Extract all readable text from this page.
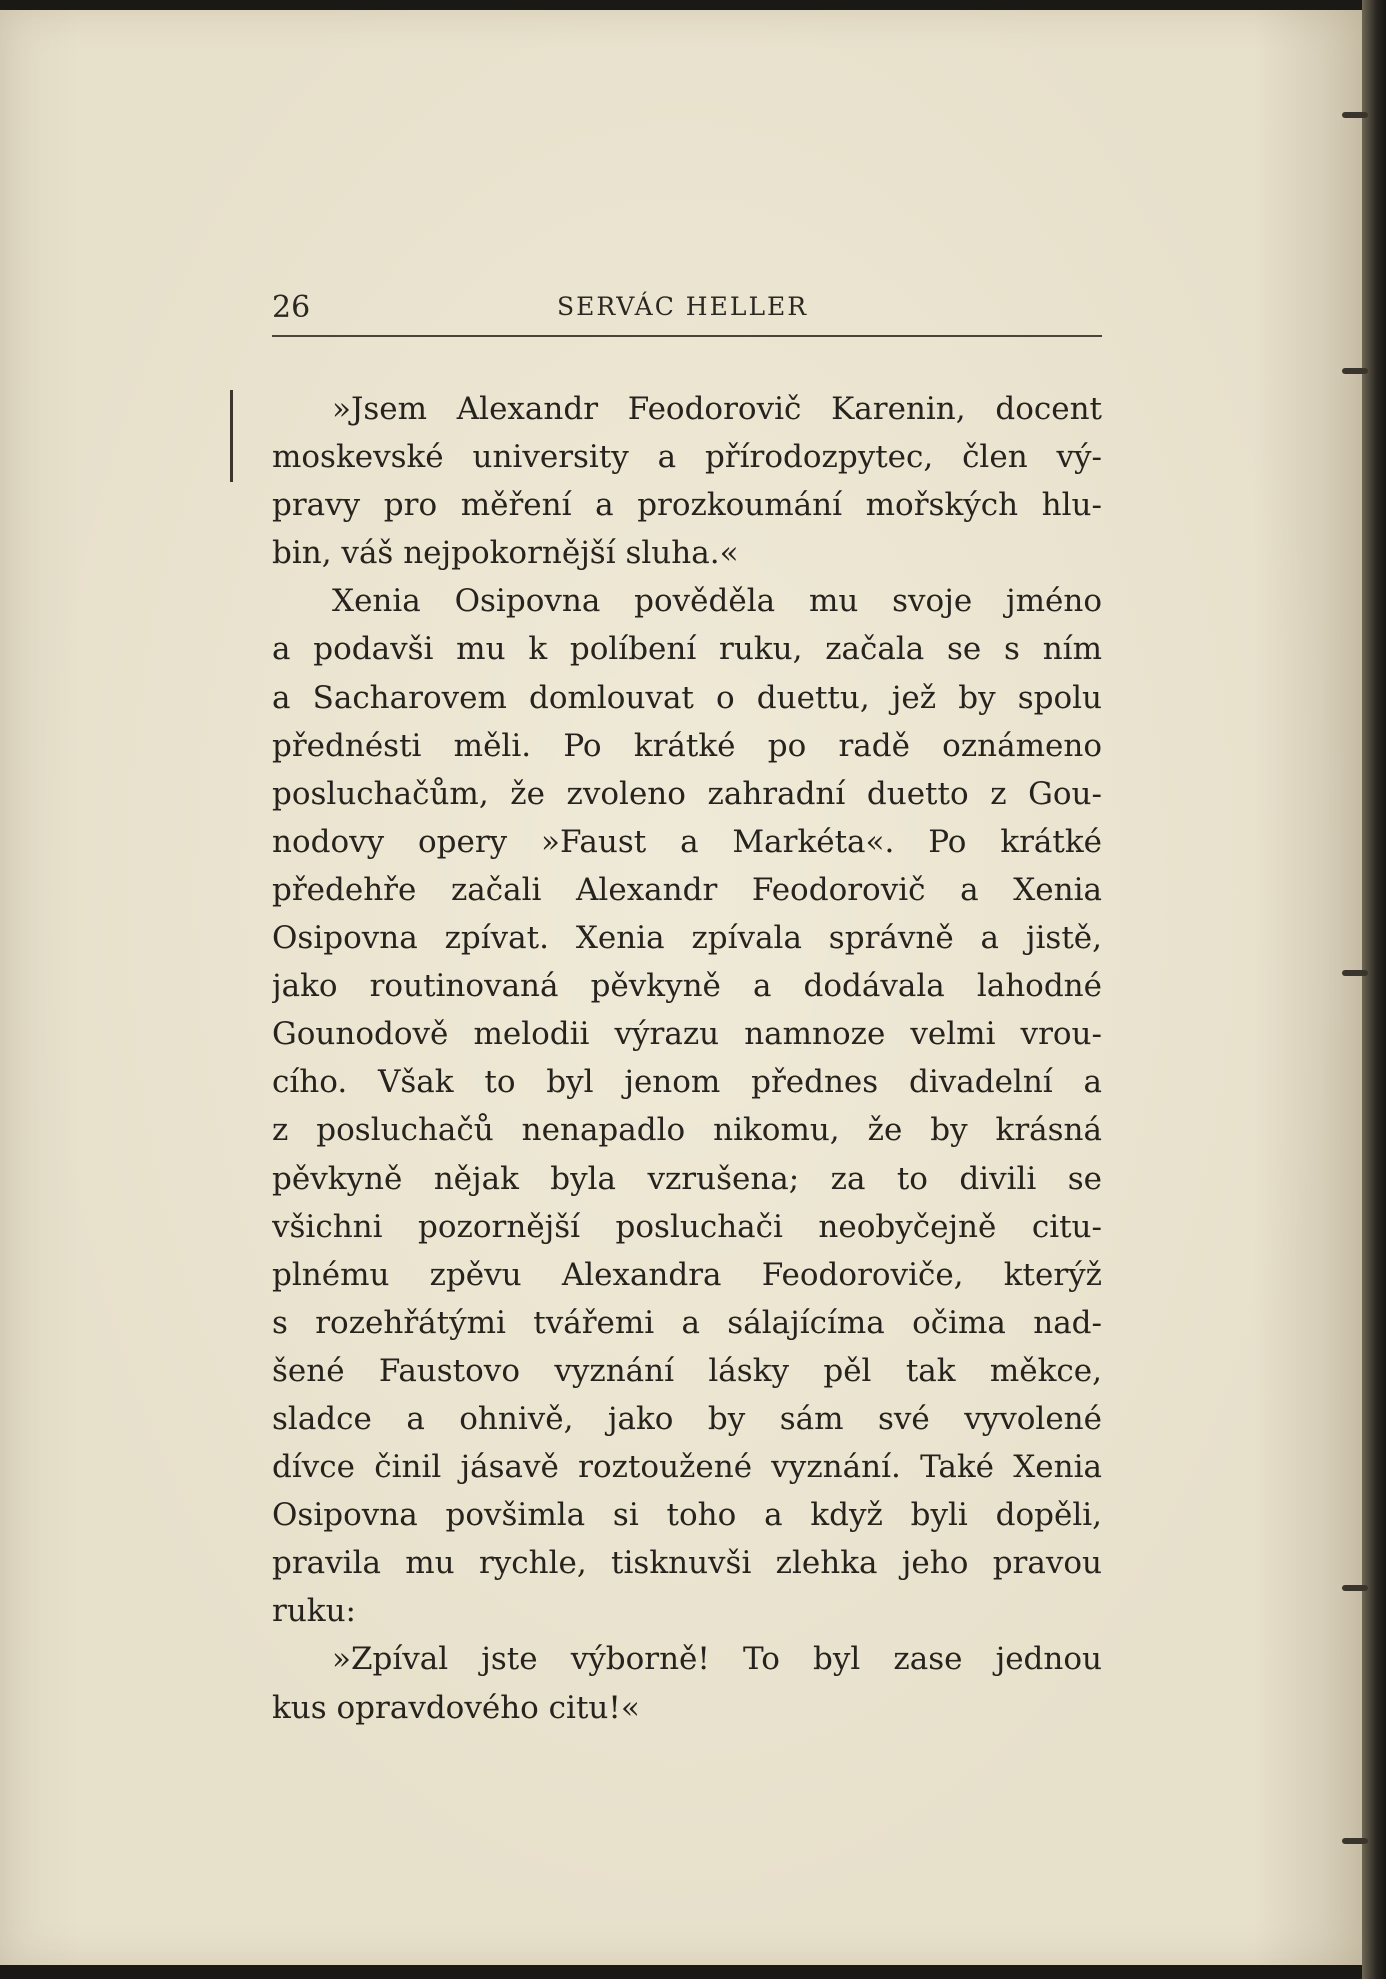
26	SERVÁC HELLER
»Jsem Alexandr Feodorovič Karenin, docent
moskevské university a přírodozpytec, člen vý-
pravy pro měření a prozkoumání mořských hlu-
bin, váš nejpokornější sluha.«
Xenia Osipovna pověděla mu svoje jméno
a podavši mu k políbení ruku, začala se s ním
a Sacharovem domlouvat o duettu, jež by spolu
přednésti měli. Po krátké po radě oznámeno
posluchačům, že zvoleno zahradní duetto z Gou-
nodovy opery »Faust a Markéta«. Po krátké
předehře začali Alexandr Feodorovič a Xenia
Osipovna zpívat. Xenia zpívala správně a jistě,
jako routinovaná pěvkyně a dodávala lahodné
Gounodově melodii výrazu namnoze velmi vrou-
cího. Však to byl jenom přednes divadelní a
z posluchačů nenapadlo nikomu, že by krásná
pěvkyně nějak byla vzrušena; za to divili se
všichni pozornější posluchači neobyčejně citu-
plnému zpěvu Alexandra Feodoroviče, kterýž
s rozehřátými tvářemi a sálajícíma očima nad-
šené Faustovo vyznání lásky pěl tak měkce,
sladce a ohnivě, jako by sám své vyvolené
dívce činil jásavě roztoužené vyznání. Také Xenia
Osipovna povšimla si toho a když byli dopěli,
pravila mu rychle, tisknuvši zlehka jeho pravou
ruku:
»Zpíval jste výborně! To byl zase jednou
kus opravdového citu!«
